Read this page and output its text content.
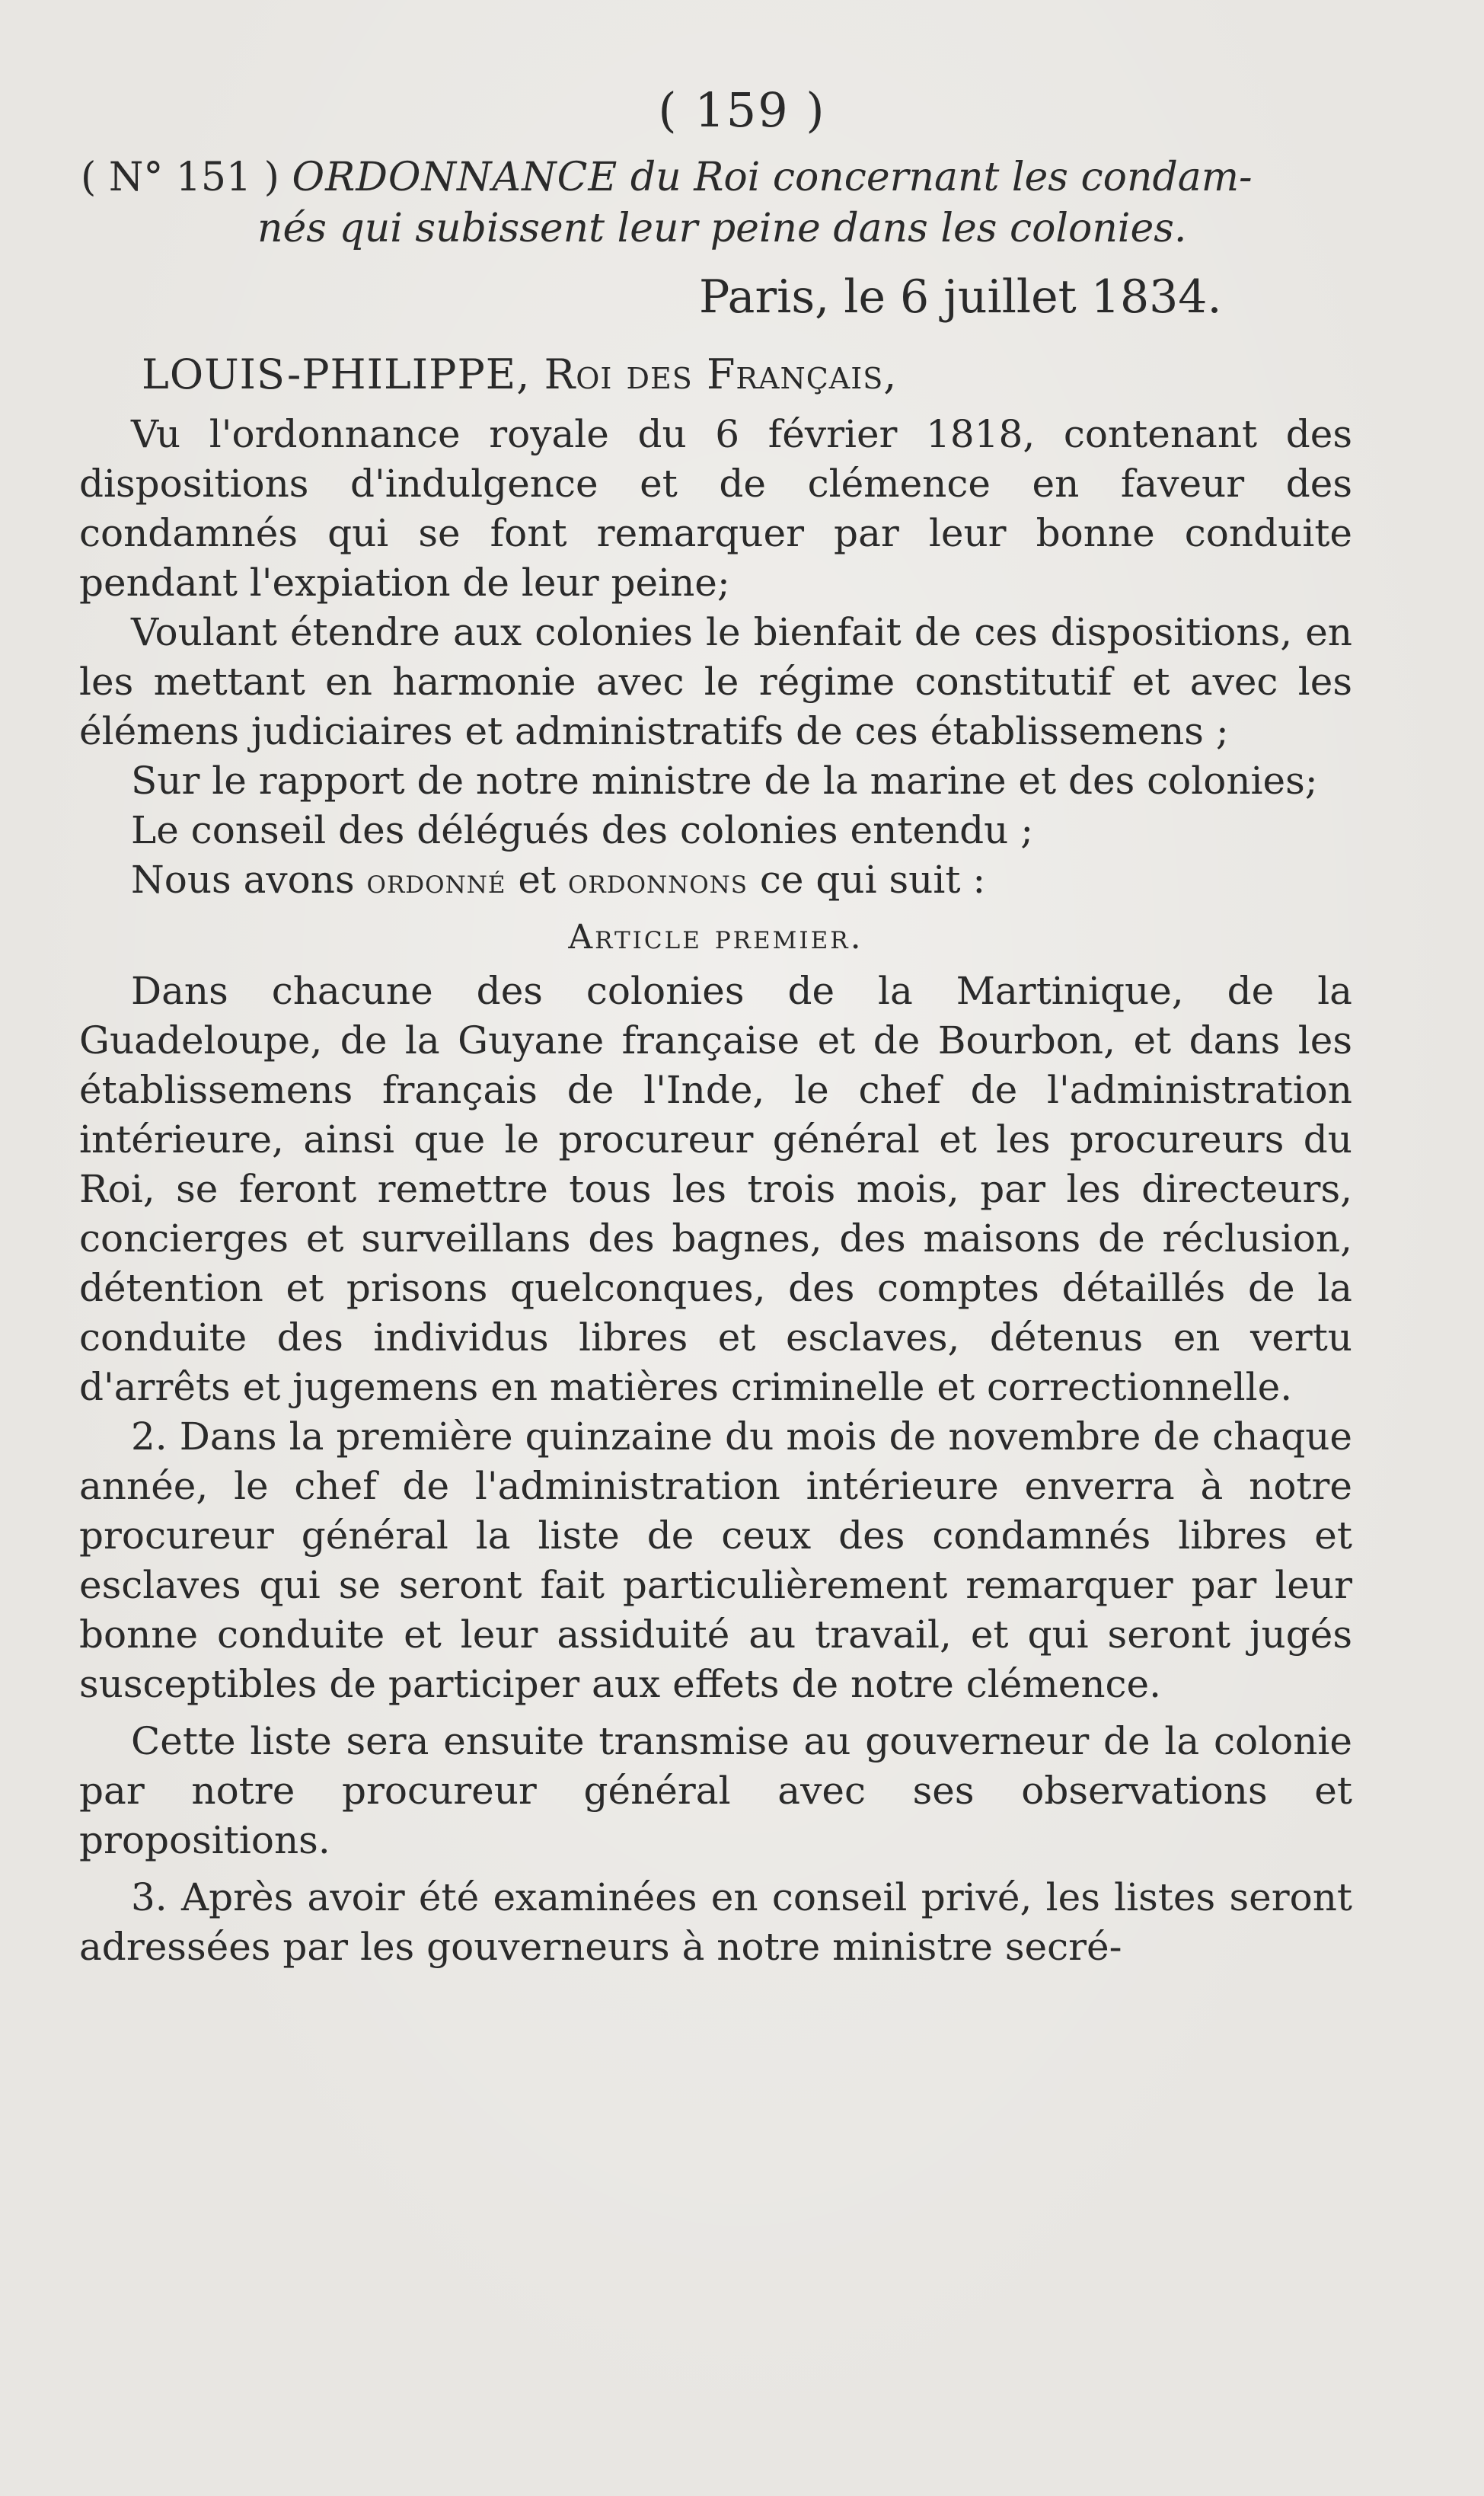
( 159 )
( N° 151 ) ORDONNANCE du Roi concernant les condam-
nés qui subissent leur peine dans les colonies.
Paris, le 6 juillet 1834.
LOUIS-PHILIPPE, Roi des Français,

Vu l'ordonnance royale du 6 février 1818, contenant des dispositions d'indulgence et de clémence en faveur des condamnés qui se font remarquer par leur bonne conduite pendant l'expiation de leur peine;

Voulant étendre aux colonies le bienfait de ces dispositions, en les mettant en harmonie avec le régime constitutif et avec les élémens judiciaires et administratifs de ces établissemens ;

Sur le rapport de notre ministre de la marine et des colonies;

Le conseil des délégués des colonies entendu ;

Nous avons ordonné et ordonnons ce qui suit :

Article premier.

Dans chacune des colonies de la Martinique, de la Guadeloupe, de la Guyane française et de Bourbon, et dans les établissemens français de l'Inde, le chef de l'administration intérieure, ainsi que le procureur général et les procureurs du Roi, se feront remettre tous les trois mois, par les directeurs, concierges et surveillans des bagnes, des maisons de réclusion, détention et prisons quelconques, des comptes détaillés de la conduite des individus libres et esclaves, détenus en vertu d'arrêts et jugemens en matières criminelle et correctionnelle.

2. Dans la première quinzaine du mois de novembre de chaque année, le chef de l'administration intérieure enverra à notre procureur général la liste de ceux des condamnés libres et esclaves qui se seront fait particulièrement remarquer par leur bonne conduite et leur assiduité au travail, et qui seront jugés susceptibles de participer aux effets de notre clémence.

Cette liste sera ensuite transmise au gouverneur de la colonie par notre procureur général avec ses observations et propositions.

3. Après avoir été examinées en conseil privé, les listes seront adressées par les gouverneurs à notre ministre secré-
